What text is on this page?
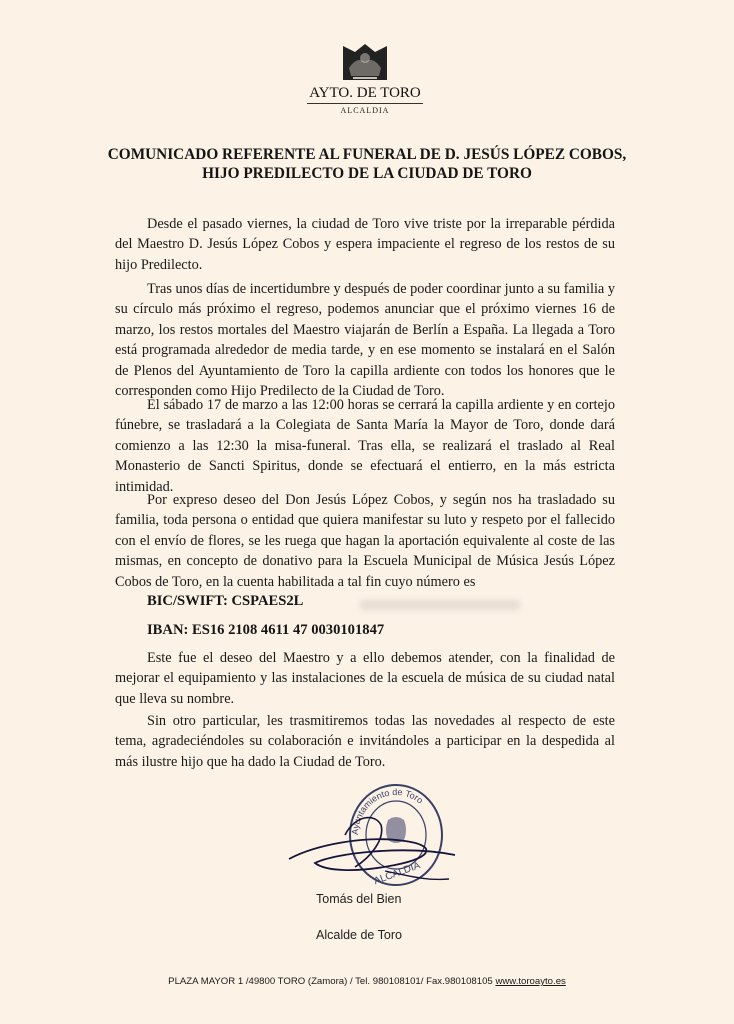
AYTO. DE TORO
ALCALDIA
COMUNICADO REFERENTE AL FUNERAL DE D. JESÚS LÓPEZ COBOS,
HIJO PREDILECTO DE LA CIUDAD DE TORO

Desde el pasado viernes, la ciudad de Toro vive triste por la irreparable pérdida del Maestro D. Jesús López Cobos y espera impaciente el regreso de los restos de su hijo Predilecto.

Tras unos días de incertidumbre y después de poder coordinar junto a su familia y su círculo más próximo el regreso, podemos anunciar que el próximo viernes 16 de marzo, los restos mortales del Maestro viajarán de Berlín a España. La llegada a Toro está programada alrededor de media tarde, y en ese momento se instalará en el Salón de Plenos del Ayuntamiento de Toro la capilla ardiente con todos los honores que le corresponden como Hijo Predilecto de la Ciudad de Toro.

El sábado 17 de marzo a las 12:00 horas se cerrará la capilla ardiente y en cortejo fúnebre, se trasladará a la Colegiata de Santa María la Mayor de Toro, donde dará comienzo a las 12:30 la misa-funeral. Tras ella, se realizará el traslado al Real Monasterio de Sancti Spiritus, donde se efectuará el entierro, en la más estricta intimidad.

Por expreso deseo del Don Jesús López Cobos, y según nos ha trasladado su familia, toda persona o entidad que quiera manifestar su luto y respeto por el fallecido con el envío de flores, se les ruega que hagan la aportación equivalente al coste de las mismas, en concepto de donativo para la Escuela Municipal de Música Jesús López Cobos de Toro, en la cuenta habilitada a tal fin cuyo número es

BIC/SWIFT: CSPAES2L
IBAN: ES16 2108 4611 47 0030101847

Este fue el deseo del Maestro y a ello debemos atender, con la finalidad de mejorar el equipamiento y las instalaciones de la escuela de música de su ciudad natal que lleva su nombre.

Sin otro particular, les trasmitiremos todas las novedades al respecto de este tema, agradeciéndoles su colaboración e invitándoles a participar en la despedida al más ilustre hijo que ha dado la Ciudad de Toro.

Ayuntamiento de Toro
ALCALDIA
Tomás del Bien
Alcalde de Toro
PLAZA MAYOR 1 /49800 TORO (Zamora) / Tel. 980108101/ Fax.980108105 www.toroayto.es
